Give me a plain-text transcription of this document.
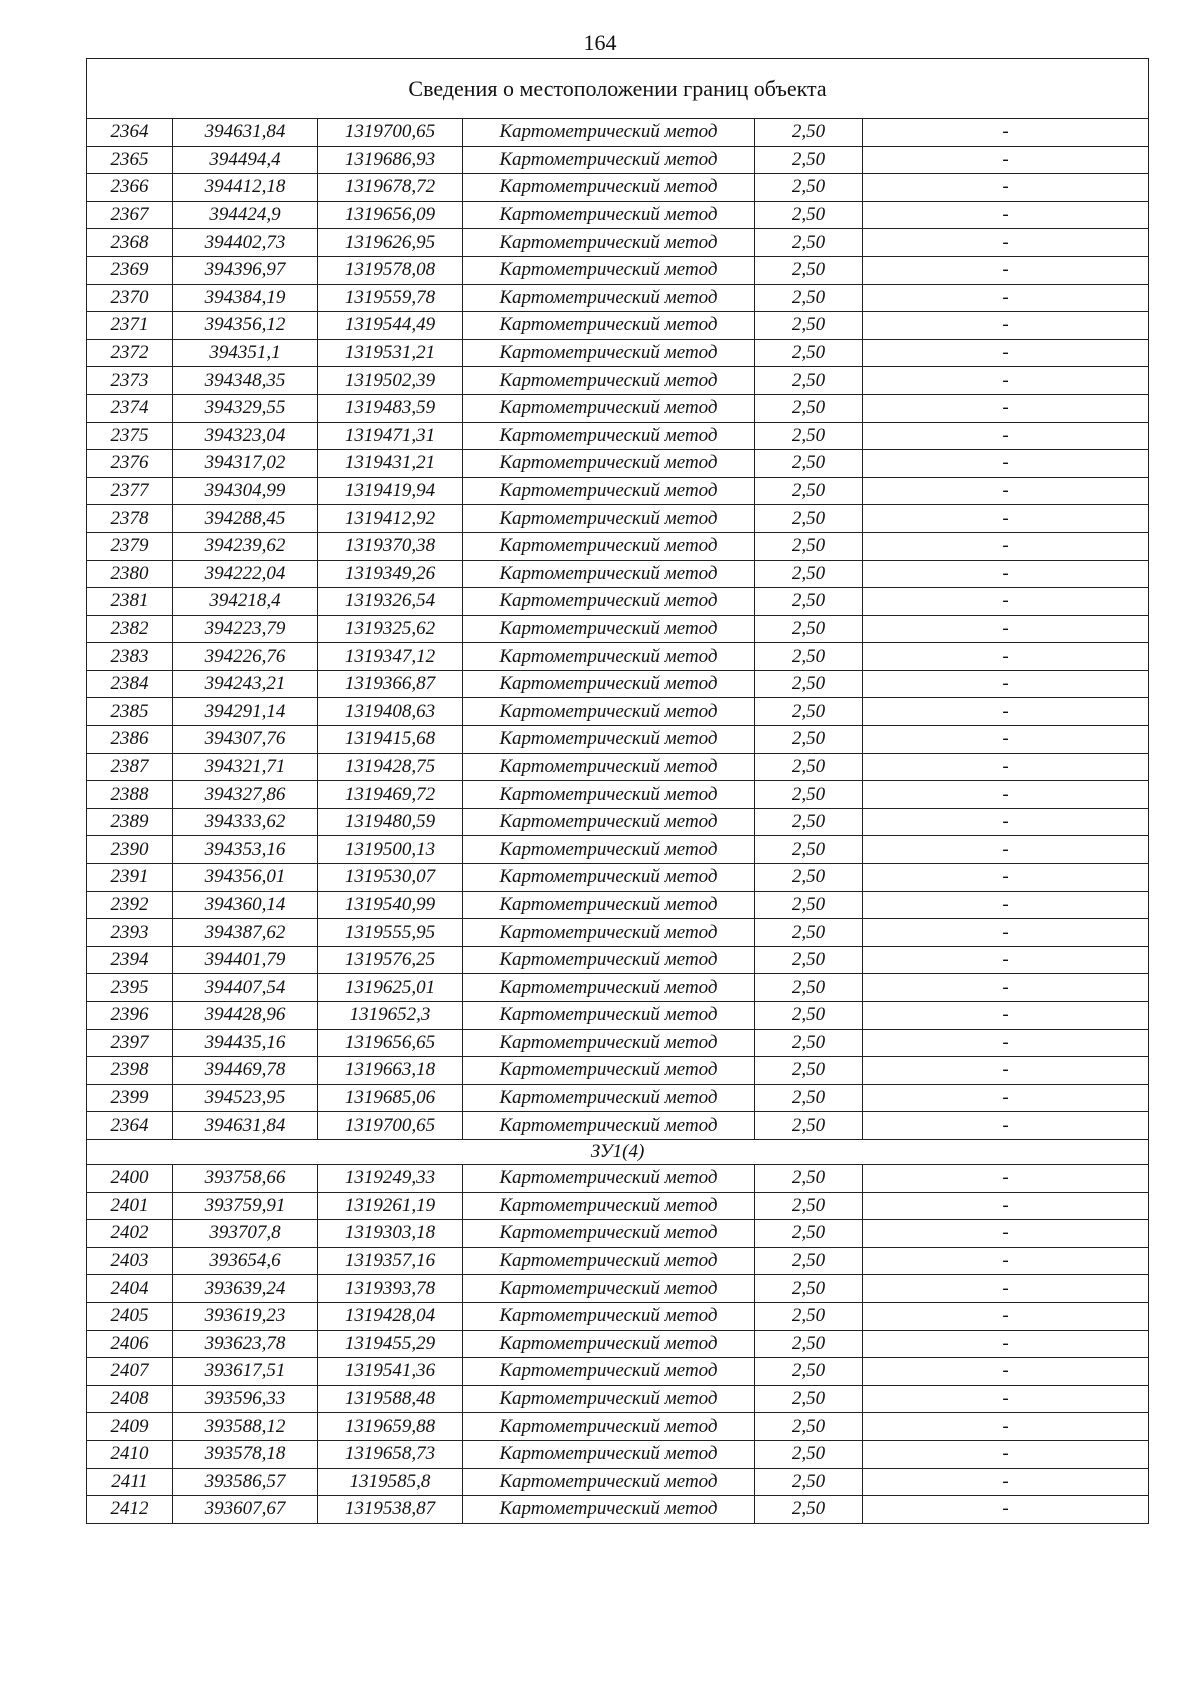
164
Сведения о местоположении границ объекта					
2364	394631,84	1319700,65	Картометрический метод	2,50	-
2365	394494,4	1319686,93	Картометрический метод	2,50	-
2366	394412,18	1319678,72	Картометрический метод	2,50	-
2367	394424,9	1319656,09	Картометрический метод	2,50	-
2368	394402,73	1319626,95	Картометрический метод	2,50	-
2369	394396,97	1319578,08	Картометрический метод	2,50	-
2370	394384,19	1319559,78	Картометрический метод	2,50	-
2371	394356,12	1319544,49	Картометрический метод	2,50	-
2372	394351,1	1319531,21	Картометрический метод	2,50	-
2373	394348,35	1319502,39	Картометрический метод	2,50	-
2374	394329,55	1319483,59	Картометрический метод	2,50	-
2375	394323,04	1319471,31	Картометрический метод	2,50	-
2376	394317,02	1319431,21	Картометрический метод	2,50	-
2377	394304,99	1319419,94	Картометрический метод	2,50	-
2378	394288,45	1319412,92	Картометрический метод	2,50	-
2379	394239,62	1319370,38	Картометрический метод	2,50	-
2380	394222,04	1319349,26	Картометрический метод	2,50	-
2381	394218,4	1319326,54	Картометрический метод	2,50	-
2382	394223,79	1319325,62	Картометрический метод	2,50	-
2383	394226,76	1319347,12	Картометрический метод	2,50	-
2384	394243,21	1319366,87	Картометрический метод	2,50	-
2385	394291,14	1319408,63	Картометрический метод	2,50	-
2386	394307,76	1319415,68	Картометрический метод	2,50	-
2387	394321,71	1319428,75	Картометрический метод	2,50	-
2388	394327,86	1319469,72	Картометрический метод	2,50	-
2389	394333,62	1319480,59	Картометрический метод	2,50	-
2390	394353,16	1319500,13	Картометрический метод	2,50	-
2391	394356,01	1319530,07	Картометрический метод	2,50	-
2392	394360,14	1319540,99	Картометрический метод	2,50	-
2393	394387,62	1319555,95	Картометрический метод	2,50	-
2394	394401,79	1319576,25	Картометрический метод	2,50	-
2395	394407,54	1319625,01	Картометрический метод	2,50	-
2396	394428,96	1319652,3	Картометрический метод	2,50	-
2397	394435,16	1319656,65	Картометрический метод	2,50	-
2398	394469,78	1319663,18	Картометрический метод	2,50	-
2399	394523,95	1319685,06	Картометрический метод	2,50	-
2364	394631,84	1319700,65	Картометрический метод	2,50	-
ЗУ1(4)					
2400	393758,66	1319249,33	Картометрический метод	2,50	-
2401	393759,91	1319261,19	Картометрический метод	2,50	-
2402	393707,8	1319303,18	Картометрический метод	2,50	-
2403	393654,6	1319357,16	Картометрический метод	2,50	-
2404	393639,24	1319393,78	Картометрический метод	2,50	-
2405	393619,23	1319428,04	Картометрический метод	2,50	-
2406	393623,78	1319455,29	Картометрический метод	2,50	-
2407	393617,51	1319541,36	Картометрический метод	2,50	-
2408	393596,33	1319588,48	Картометрический метод	2,50	-
2409	393588,12	1319659,88	Картометрический метод	2,50	-
2410	393578,18	1319658,73	Картометрический метод	2,50	-
2411	393586,57	1319585,8	Картометрический метод	2,50	-
2412	393607,67	1319538,87	Картометрический метод	2,50	-
